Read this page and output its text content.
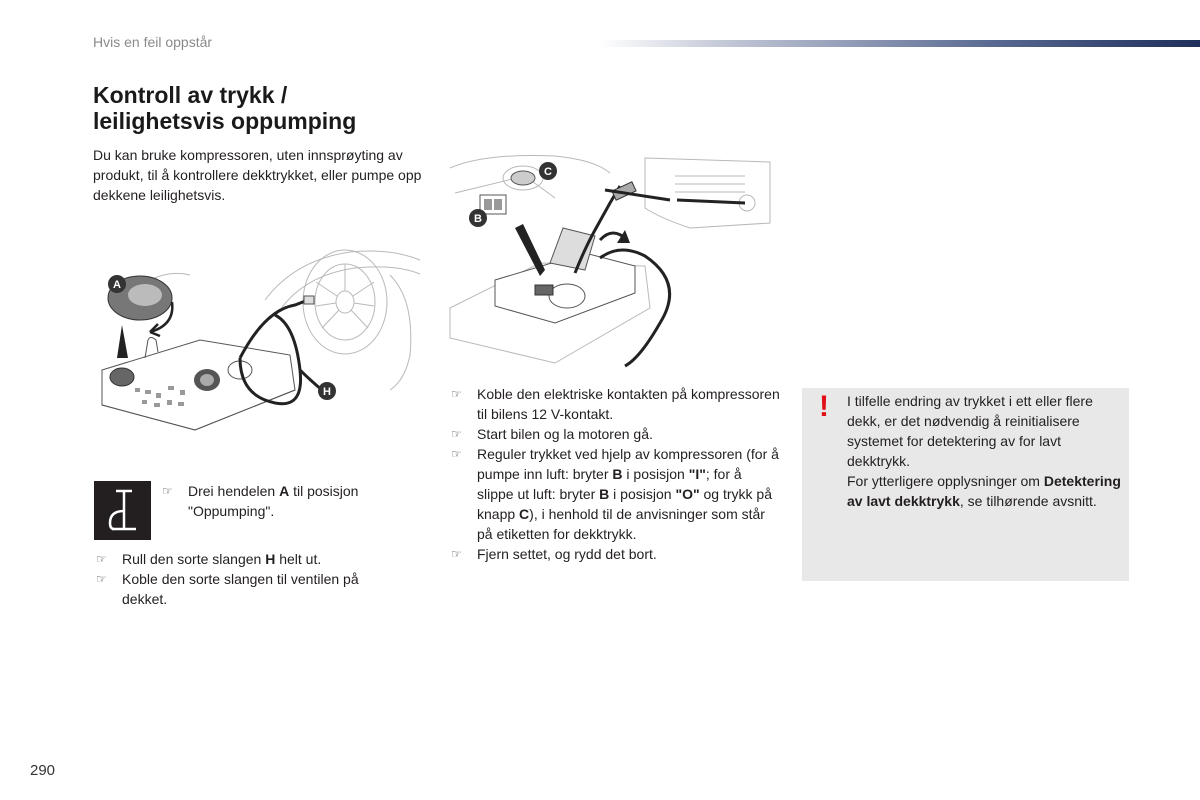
Hvis en feil oppstår
Kontroll av trykk /
leilighetsvis oppumping
Du kan bruke kompressoren, uten innsprøyting av produkt, til å kontrollere dekktrykket, eller pumpe opp dekkene leilighetsvis.
A
H
C
B
☞ Drei hendelen A til posisjon "Oppumping".
☞ Rull den sorte slangen H helt ut.
☞ Koble den sorte slangen til ventilen på dekket.
☞ Koble den elektriske kontakten på kompressoren til bilens 12 V-kontakt.
☞ Start bilen og la motoren gå.
☞ Reguler trykket ved hjelp av kompressoren (for å pumpe inn luft: bryter B i posisjon "I"; for å slippe ut luft: bryter B i posisjon "O" og trykk på knapp C), i henhold til de anvisninger som står på etiketten for dekktrykk.
☞ Fjern settet, og rydd det bort.
! I tilfelle endring av trykket i ett eller flere dekk, er det nødvendig å reinitialisere systemet for detektering av for lavt dekktrykk.
For ytterligere opplysninger om Detektering av lavt dekktrykk, se tilhørende avsnitt.
290
